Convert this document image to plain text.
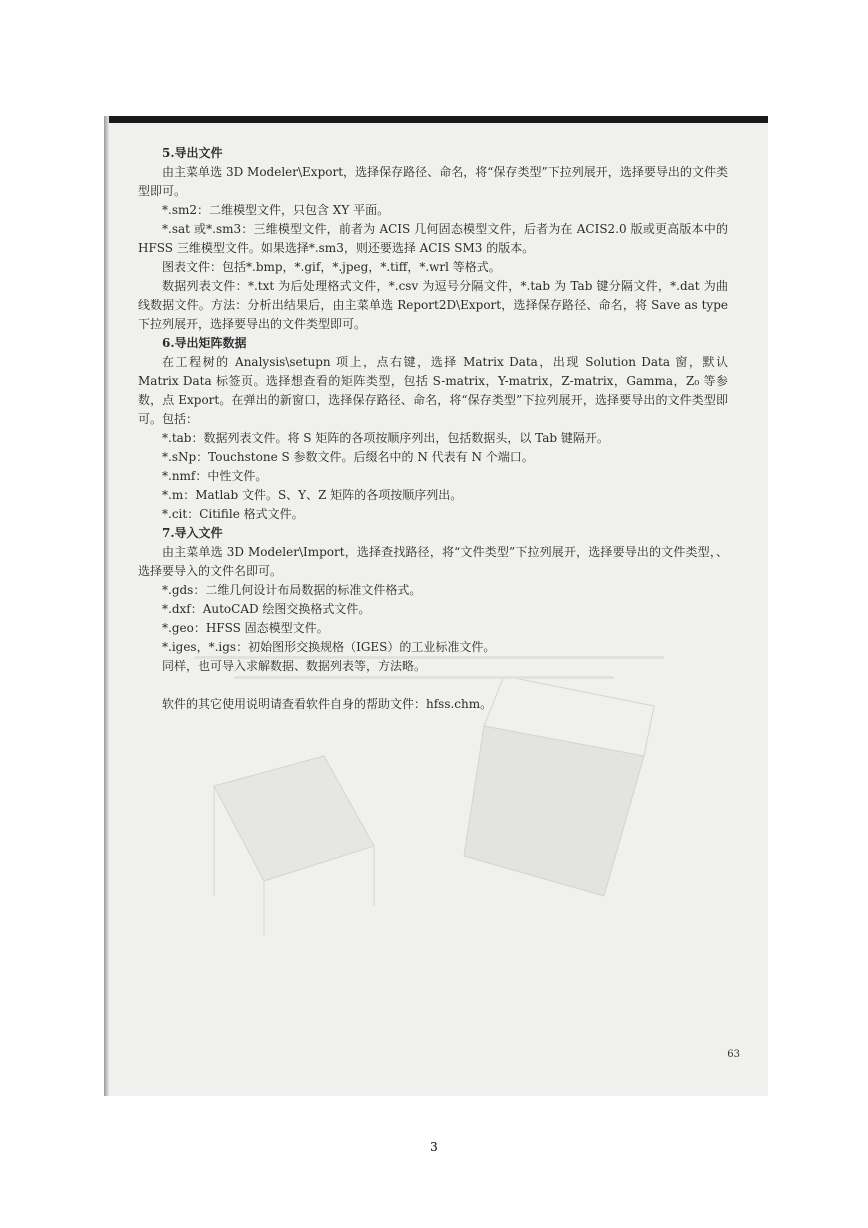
5.导出文件

由主菜单选 3D Modeler\Export，选择保存路径、命名，将“保存类型”下拉列展开，选择要导出的文件类型即可。

*.sm2：二维模型文件，只包含 XY 平面。

*.sat 或*.sm3：三维模型文件，前者为 ACIS 几何固态模型文件，后者为在 ACIS2.0 版或更高版本中的 HFSS 三维模型文件。如果选择*.sm3，则还要选择 ACIS SM3 的版本。

图表文件：包括*.bmp，*.gif，*.jpeg，*.tiff，*.wrl 等格式。

数据列表文件：*.txt 为后处理格式文件，*.csv 为逗号分隔文件，*.tab 为 Tab 键分隔文件，*.dat 为曲线数据文件。方法：分析出结果后，由主菜单选 Report2D\Export，选择保存路径、命名，将 Save as type 下拉列展开，选择要导出的文件类型即可。

6.导出矩阵数据

在工程树的 Analysis\setupn 项上，点右键，选择 Matrix Data，出现 Solution Data 窗，默认 Matrix Data 标签页。选择想查看的矩阵类型，包括 S-matrix，Y-matrix，Z-matrix，Gamma，Z₀ 等参数，点 Export。在弹出的新窗口，选择保存路径、命名，将“保存类型”下拉列展开，选择要导出的文件类型即可。包括：

*.tab：数据列表文件。将 S 矩阵的各项按顺序列出，包括数据头，以 Tab 键隔开。

*.sNp：Touchstone S 参数文件。后缀名中的 N 代表有 N 个端口。

*.nmf：中性文件。

*.m：Matlab 文件。S、Y、Z 矩阵的各项按顺序列出。

*.cit：Citifile 格式文件。

7.导入文件

由主菜单选 3D Modeler\Import，选择查找路径，将“文件类型”下拉列展开，选择要导出的文件类型，、选择要导入的文件名即可。

*.gds：二维几何设计布局数据的标准文件格式。

*.dxf：AutoCAD 绘图交换格式文件。

*.geo：HFSS 固态模型文件。

*.iges，*.igs：初始图形交换规格（IGES）的工业标准文件。

同样，也可导入求解数据、数据列表等，方法略。

软件的其它使用说明请查看软件自身的帮助文件：hfss.chm。

63
3
